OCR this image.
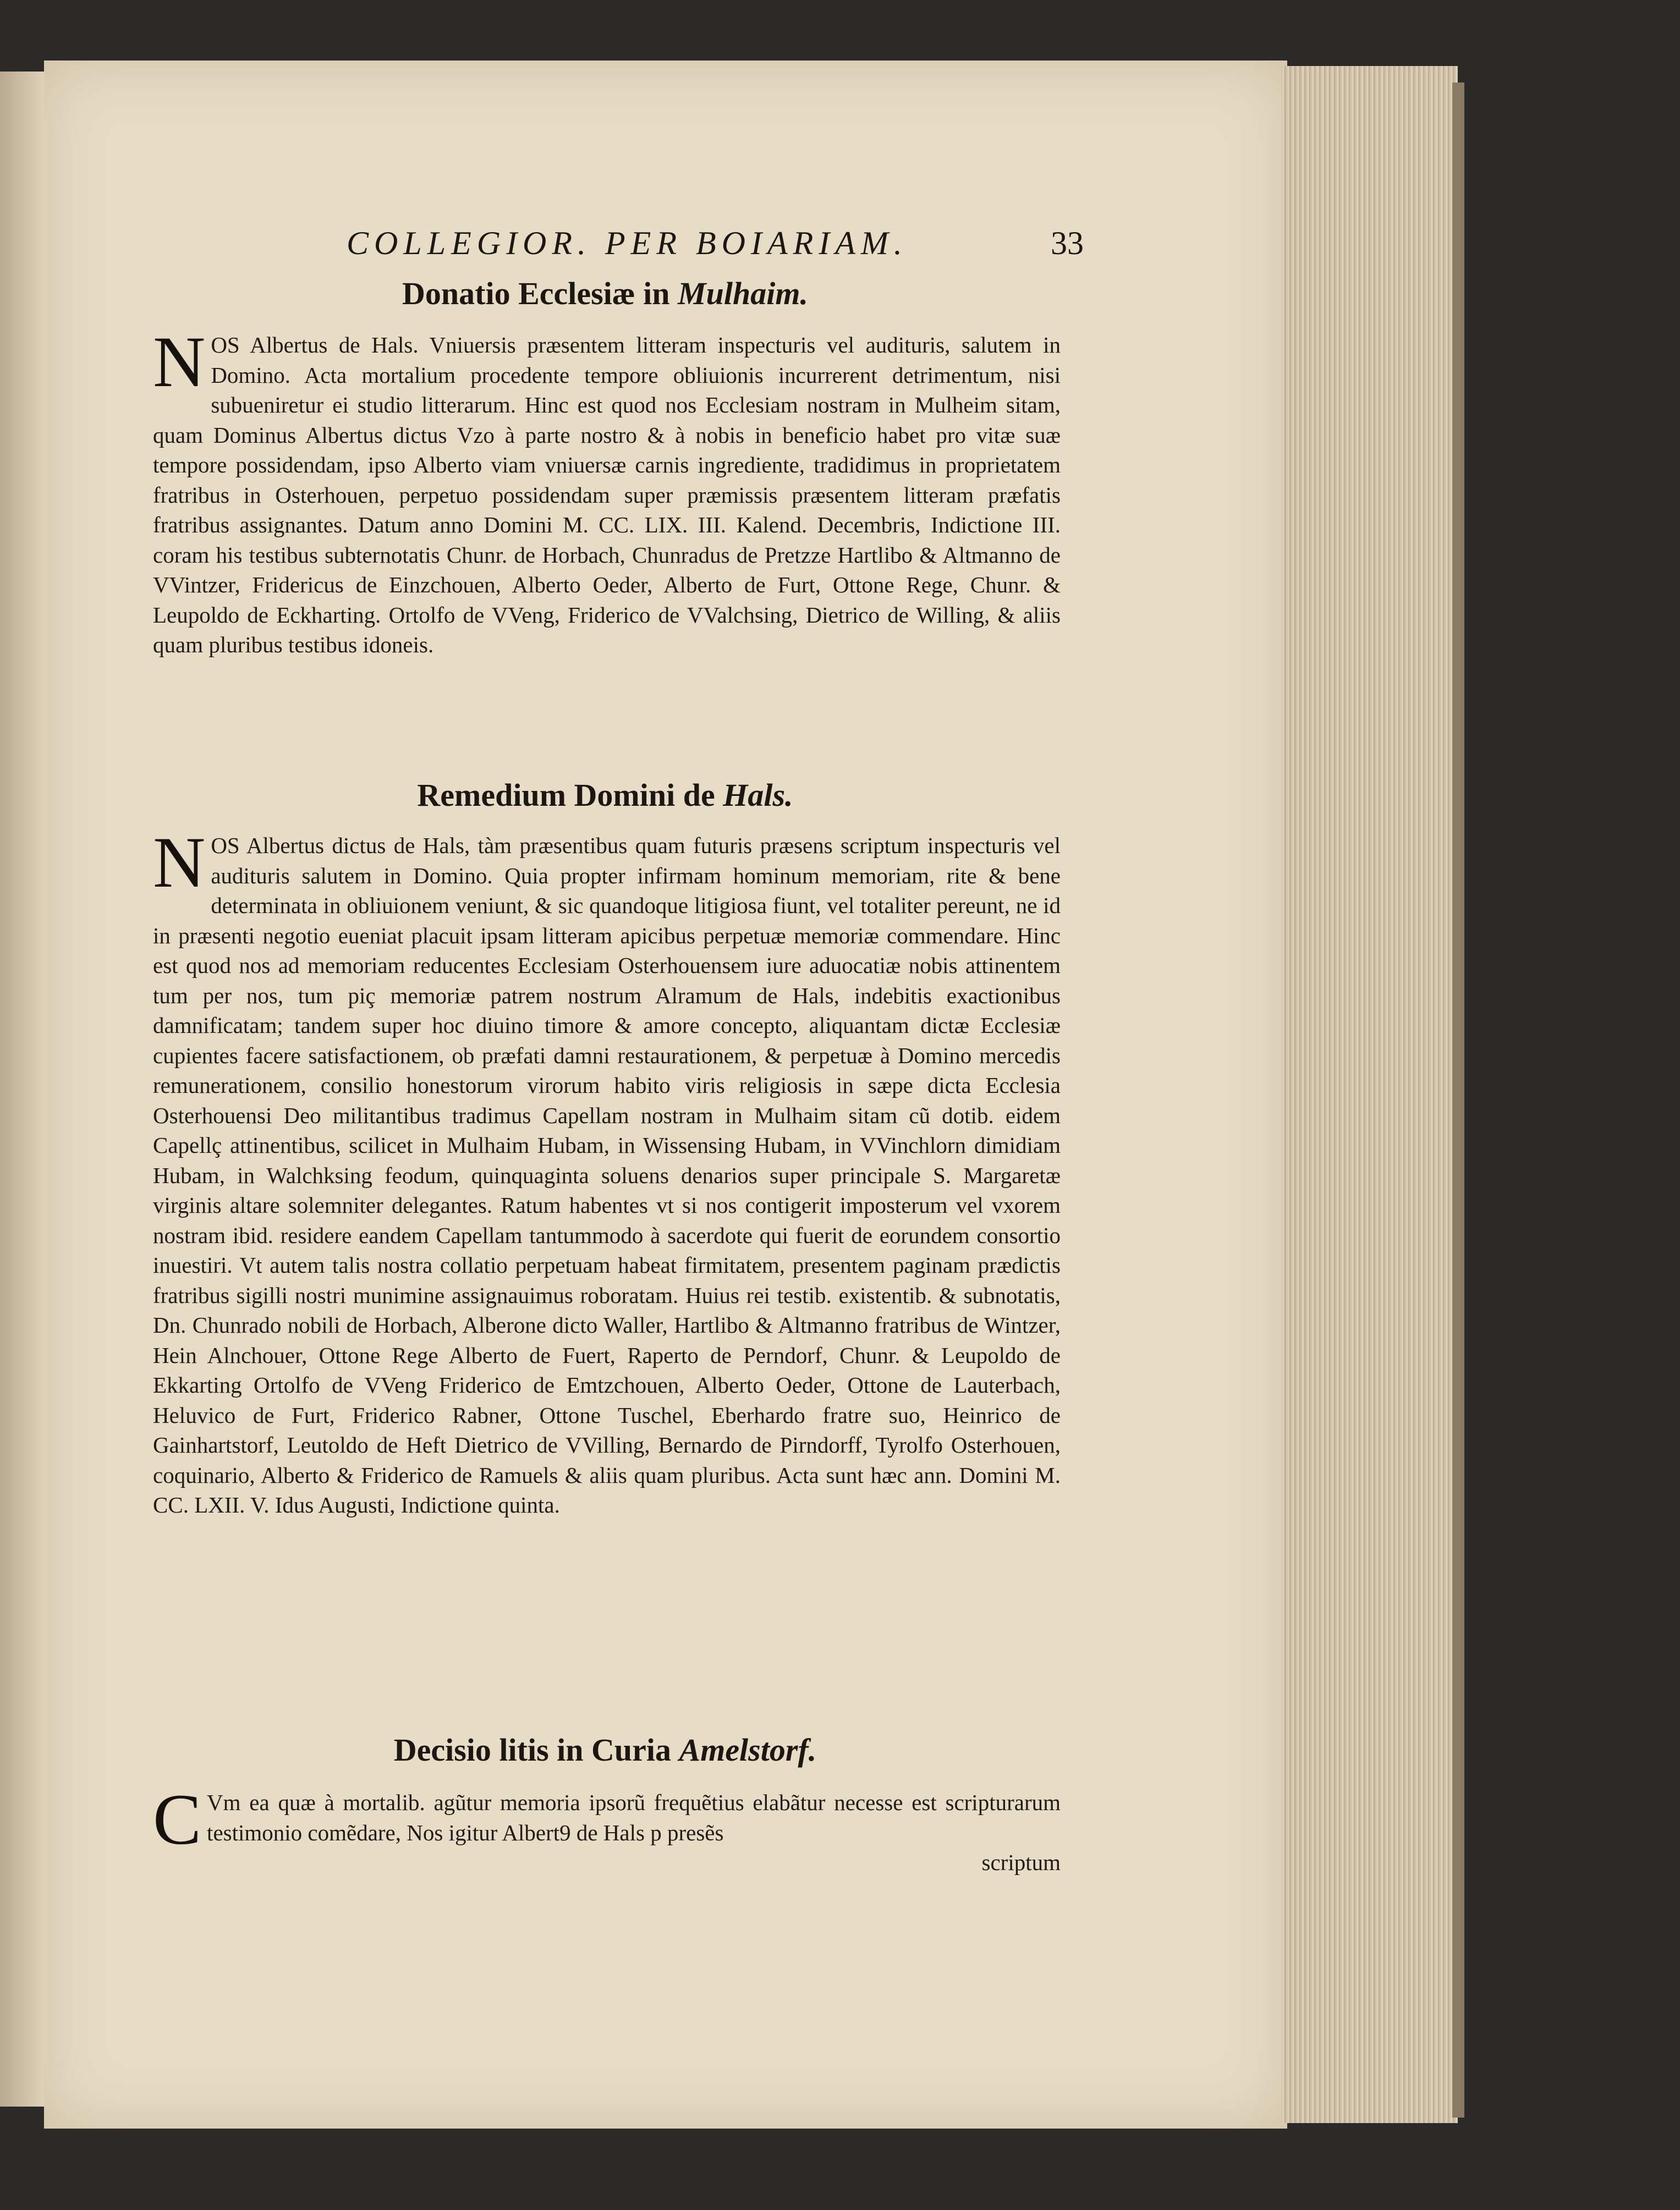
COLLEGIOR. PER BOIARIAM.	33
Donatio Ecclesiæ in Mulhaim.

NOS Albertus de Hals. Vniuersis præsentem litteram inspecturis vel audituris, salutem in Domino. Acta mortalium procedente tempore obliuionis incurrerent detrimentum, nisi subueniretur ei studio litterarum. Hinc est quod nos Ecclesiam nostram in Mulheim sitam, quam Dominus Albertus dictus Vzo à parte nostro & à nobis in beneficio habet pro vitæ suæ tempore possidendam, ipso Alberto viam vniuersæ carnis ingrediente, tradidimus in proprietatem fratribus in Osterhouen, perpetuo possidendam super præmissis præsentem litteram præfatis fratribus assignantes. Datum anno Domini M. CC. LIX. III. Kalend. Decembris, Indictione III. coram his testibus subternotatis Chunr. de Horbach, Chunradus de Pretzze Hartlibo & Altmanno de VVintzer, Fridericus de Einzchouen, Alberto Oeder, Alberto de Furt, Ottone Rege, Chunr. & Leupoldo de Eckharting. Ortolfo de VVeng, Friderico de VValchsing, Dietrico de Willing, & aliis quam pluribus testibus idoneis.

Remedium Domini de Hals.

NOS Albertus dictus de Hals, tàm præsentibus quam futuris præsens scriptum inspecturis vel audituris salutem in Domino. Quia propter infirmam hominum memoriam, rite & bene determinata in obliuionem veniunt, & sic quandoque litigiosa fiunt, vel totaliter pereunt, ne id in præsenti negotio eueniat placuit ipsam litteram apicibus perpetuæ memoriæ commendare. Hinc est quod nos ad memoriam reducentes Ecclesiam Osterhouensem iure aduocatiæ nobis attinentem tum per nos, tum piç memoriæ patrem nostrum Alramum de Hals, indebitis exactionibus damnificatam; tandem super hoc diuino timore & amore concepto, aliquantam dictæ Ecclesiæ cupientes facere satisfactionem, ob præfati damni restaurationem, & perpetuæ à Domino mercedis remunerationem, consilio honestorum virorum habito viris religiosis in sæpe dicta Ecclesia Osterhouensi Deo militantibus tradimus Capellam nostram in Mulhaim sitam cũ dotib. eidem Capellç attinentibus, scilicet in Mulhaim Hubam, in Wissensing Hubam, in VVinchlorn dimidiam Hubam, in Walchksing feodum, quinquaginta soluens denarios super principale S. Margaretæ virginis altare solemniter delegantes. Ratum habentes vt si nos contigerit imposterum vel vxorem nostram ibid. residere eandem Capellam tantummodo à sacerdote qui fuerit de eorundem consortio inuestiri. Vt autem talis nostra collatio perpetuam habeat firmitatem, presentem paginam prædictis fratribus sigilli nostri munimine assignauimus roboratam. Huius rei testib. existentib. & subnotatis, Dn. Chunrado nobili de Horbach, Alberone dicto Waller, Hartlibo & Altmanno fratribus de Wintzer, Hein Alnchouer, Ottone Rege Alberto de Fuert, Raperto de Perndorf, Chunr. & Leupoldo de Ekkarting Ortolfo de VVeng Friderico de Emtzchouen, Alberto Oeder, Ottone de Lauterbach, Heluvico de Furt, Friderico Rabner, Ottone Tuschel, Eberhardo fratre suo, Heinrico de Gainhartstorf, Leutoldo de Heft Dietrico de VVilling, Bernardo de Pirndorff, Tyrolfo Osterhouen, coquinario, Alberto & Friderico de Ramuels & aliis quam pluribus. Acta sunt hæc ann. Domini M. CC. LXII. V. Idus Augusti, Indictione quinta.

Decisio litis in Curia Amelstorf.

C Vm ea quæ à mortalib. agũtur memoria ipsorũ frequẽtius elabãtur necesse est scripturarum testimonio comẽdare, Nos igitur Albert9 de Hals p presẽs

scriptum
